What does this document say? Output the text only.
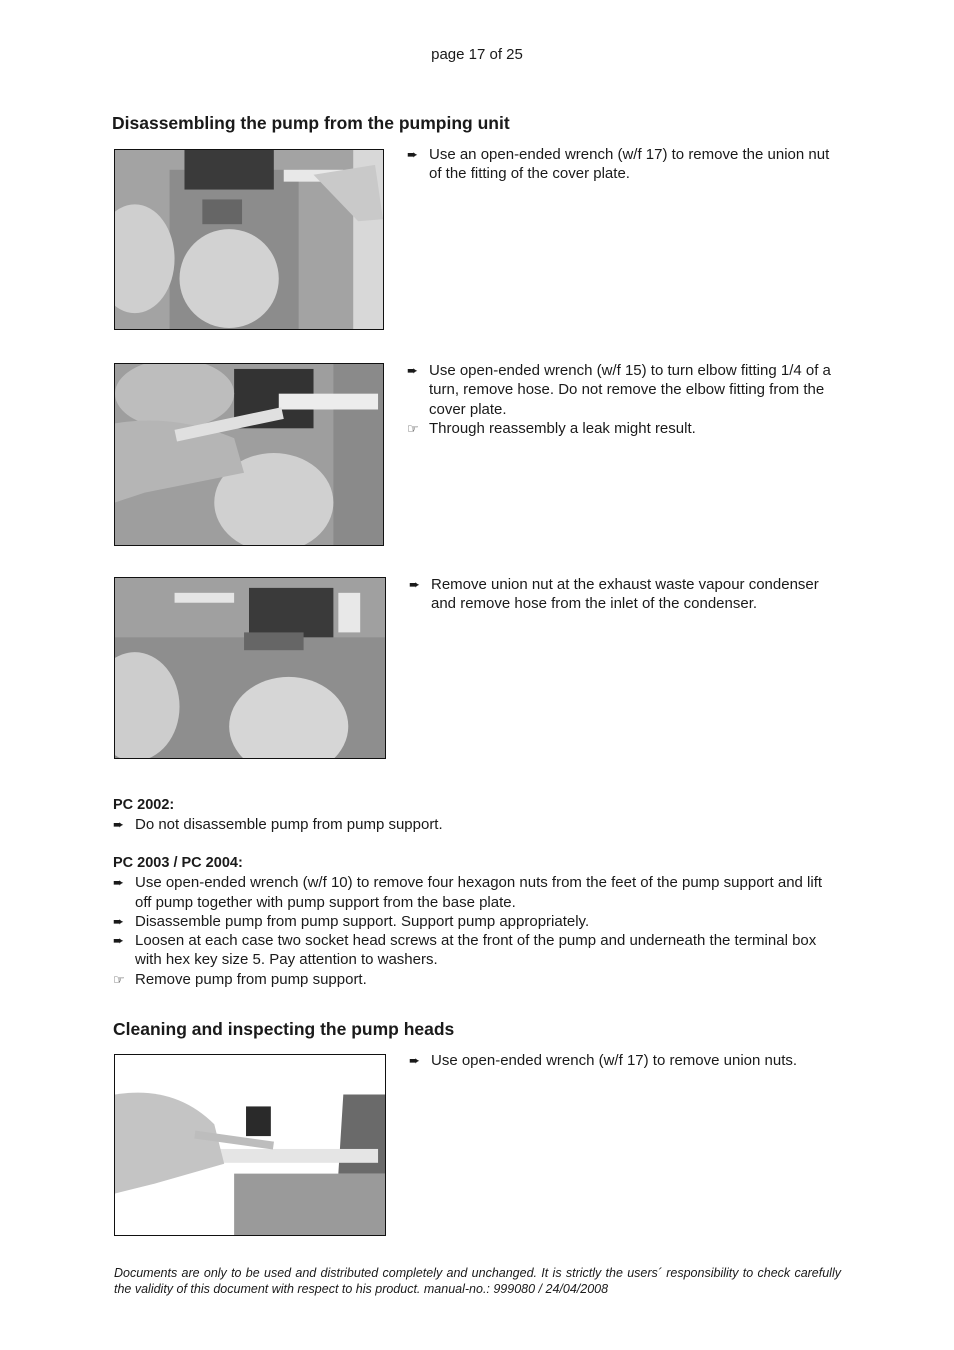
page 17 of 25
Disassembling the pump from the pumping unit
➨ Use an open-ended wrench (w/f 17) to remove the union nut of the fitting of the cover plate.
➨ Use open-ended wrench (w/f 15) to turn elbow fitting 1/4 of a turn, remove hose. Do not remove the elbow fitting from the cover plate.
☞ Through reassembly a leak might result.
➨ Remove union nut at the exhaust waste vapour condenser and remove hose from the inlet of the condenser.
PC 2002:
➨ Do not disassemble pump from pump support.
PC 2003 / PC 2004:
➨ Use open-ended wrench (w/f 10) to remove four hexagon nuts from the feet of the pump support and lift off pump together with pump support from the base plate.
➨ Disassemble pump from pump support. Support pump appropriately.
➨ Loosen at each case two socket head screws at the front of the pump and underneath the terminal box with hex key size 5. Pay attention to washers.
☞ Remove pump from pump support.
Cleaning and inspecting the pump heads
➨ Use open-ended wrench (w/f 17) to remove union nuts.
Documents are only to be used and distributed completely and unchanged. It is strictly the users´ responsibility to check carefully the validity of this document with respect to his product. manual-no.: 999080 / 24/04/2008
